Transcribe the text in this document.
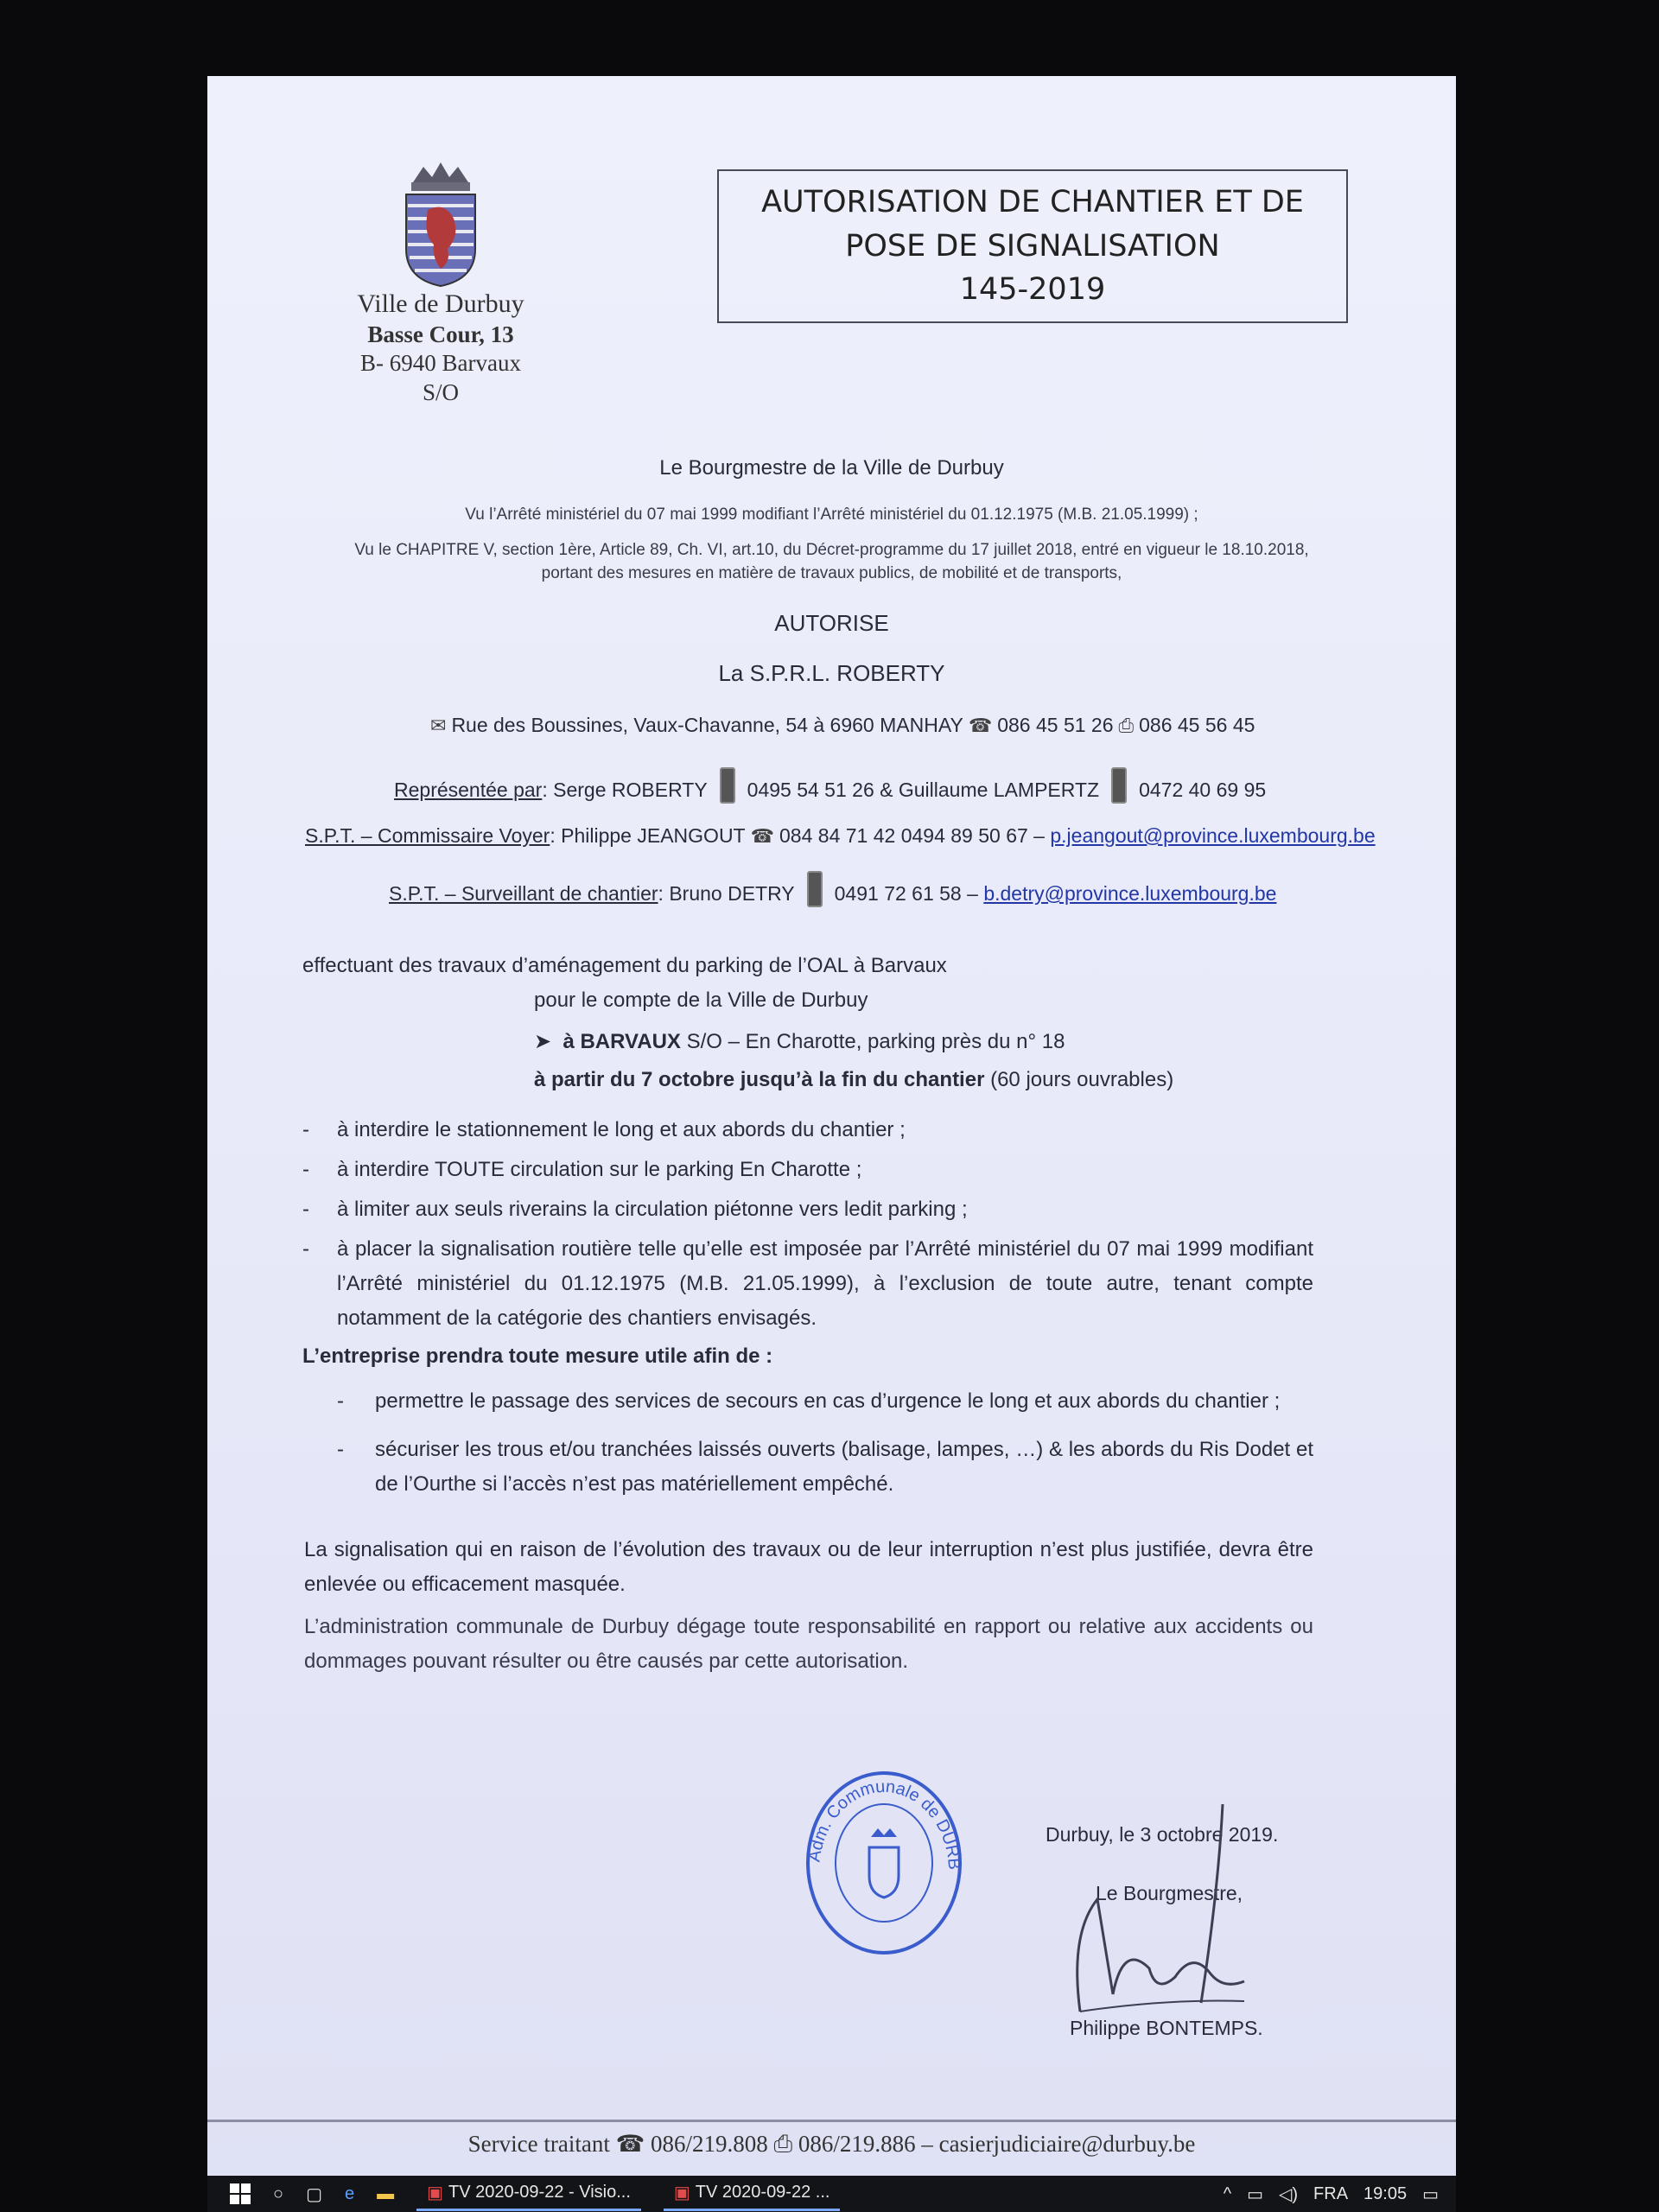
Ville de Durbuy
Basse Cour, 13
B- 6940 Barvaux S/O
AUTORISATION DE CHANTIER ET DE
POSE DE SIGNALISATION
145-2019
Le Bourgmestre de la Ville de Durbuy
Vu l’Arrêté ministériel du 07 mai 1999 modifiant l’Arrêté ministériel du 01.12.1975 (M.B. 21.05.1999) ;
Vu le CHAPITRE V, section 1ère, Article 89, Ch. VI, art.10, du Décret-programme du 17 juillet 2018, entré en vigueur le 18.10.2018,
portant des mesures en matière de travaux publics, de mobilité et de transports,
AUTORISE
La S.P.R.L. ROBERTY
✉ Rue des Boussines, Vaux-Chavanne, 54 à 6960 MANHAY ☎ 086 45 51 26 ⎙ 086 45 56 45
Représentée par: Serge ROBERTY 0495 54 51 26 & Guillaume LAMPERTZ 0472 40 69 95
S.P.T. – Commissaire Voyer: Philippe JEANGOUT ☎ 084 84 71 42 0494 89 50 67 – p.jeangout@province.luxembourg.be
S.P.T. – Surveillant de chantier: Bruno DETRY 0491 72 61 58 – b.detry@province.luxembourg.be
effectuant des travaux d’aménagement du parking de l’OAL à Barvaux
pour le compte de la Ville de Durbuy
➤ à BARVAUX S/O – En Charotte, parking près du n° 18
à partir du 7 octobre jusqu’à la fin du chantier (60 jours ouvrables)
- à interdire le stationnement le long et aux abords du chantier ;
- à interdire TOUTE circulation sur le parking En Charotte ;
- à limiter aux seuls riverains la circulation piétonne vers ledit parking ;
- à placer la signalisation routière telle qu’elle est imposée par l’Arrêté ministériel du 07 mai 1999 modifiant l’Arrêté ministériel du 01.12.1975 (M.B. 21.05.1999), à l’exclusion de toute autre, tenant compte notamment de la catégorie des chantiers envisagés.
L’entreprise prendra toute mesure utile afin de :
- permettre le passage des services de secours en cas d’urgence le long et aux abords du chantier ;
- sécuriser les trous et/ou tranchées laissés ouverts (balisage, lampes, …) & les abords du Ris Dodet et de l’Ourthe si l’accès n’est pas matériellement empêché.
La signalisation qui en raison de l’évolution des travaux ou de leur interruption n’est plus justifiée, devra être enlevée ou efficacement masquée.
L’administration communale de Durbuy dégage toute responsabilité en rapport ou relative aux accidents ou dommages pouvant résulter ou être causés par cette autorisation.
Adm. Communale de DURB
Durbuy, le 3 octobre 2019.
Le Bourgmestre,
Philippe BONTEMPS.
Service traitant ☎ 086/219.808 ⎙ 086/219.886 – casierjudiciaire@durbuy.be
○ ▢ e ▬ ▣ TV 2020-09-22 - Visio...	▣ TV 2020-09-22 ...	^ ▭ ◁) FRA 19:05 ▭
